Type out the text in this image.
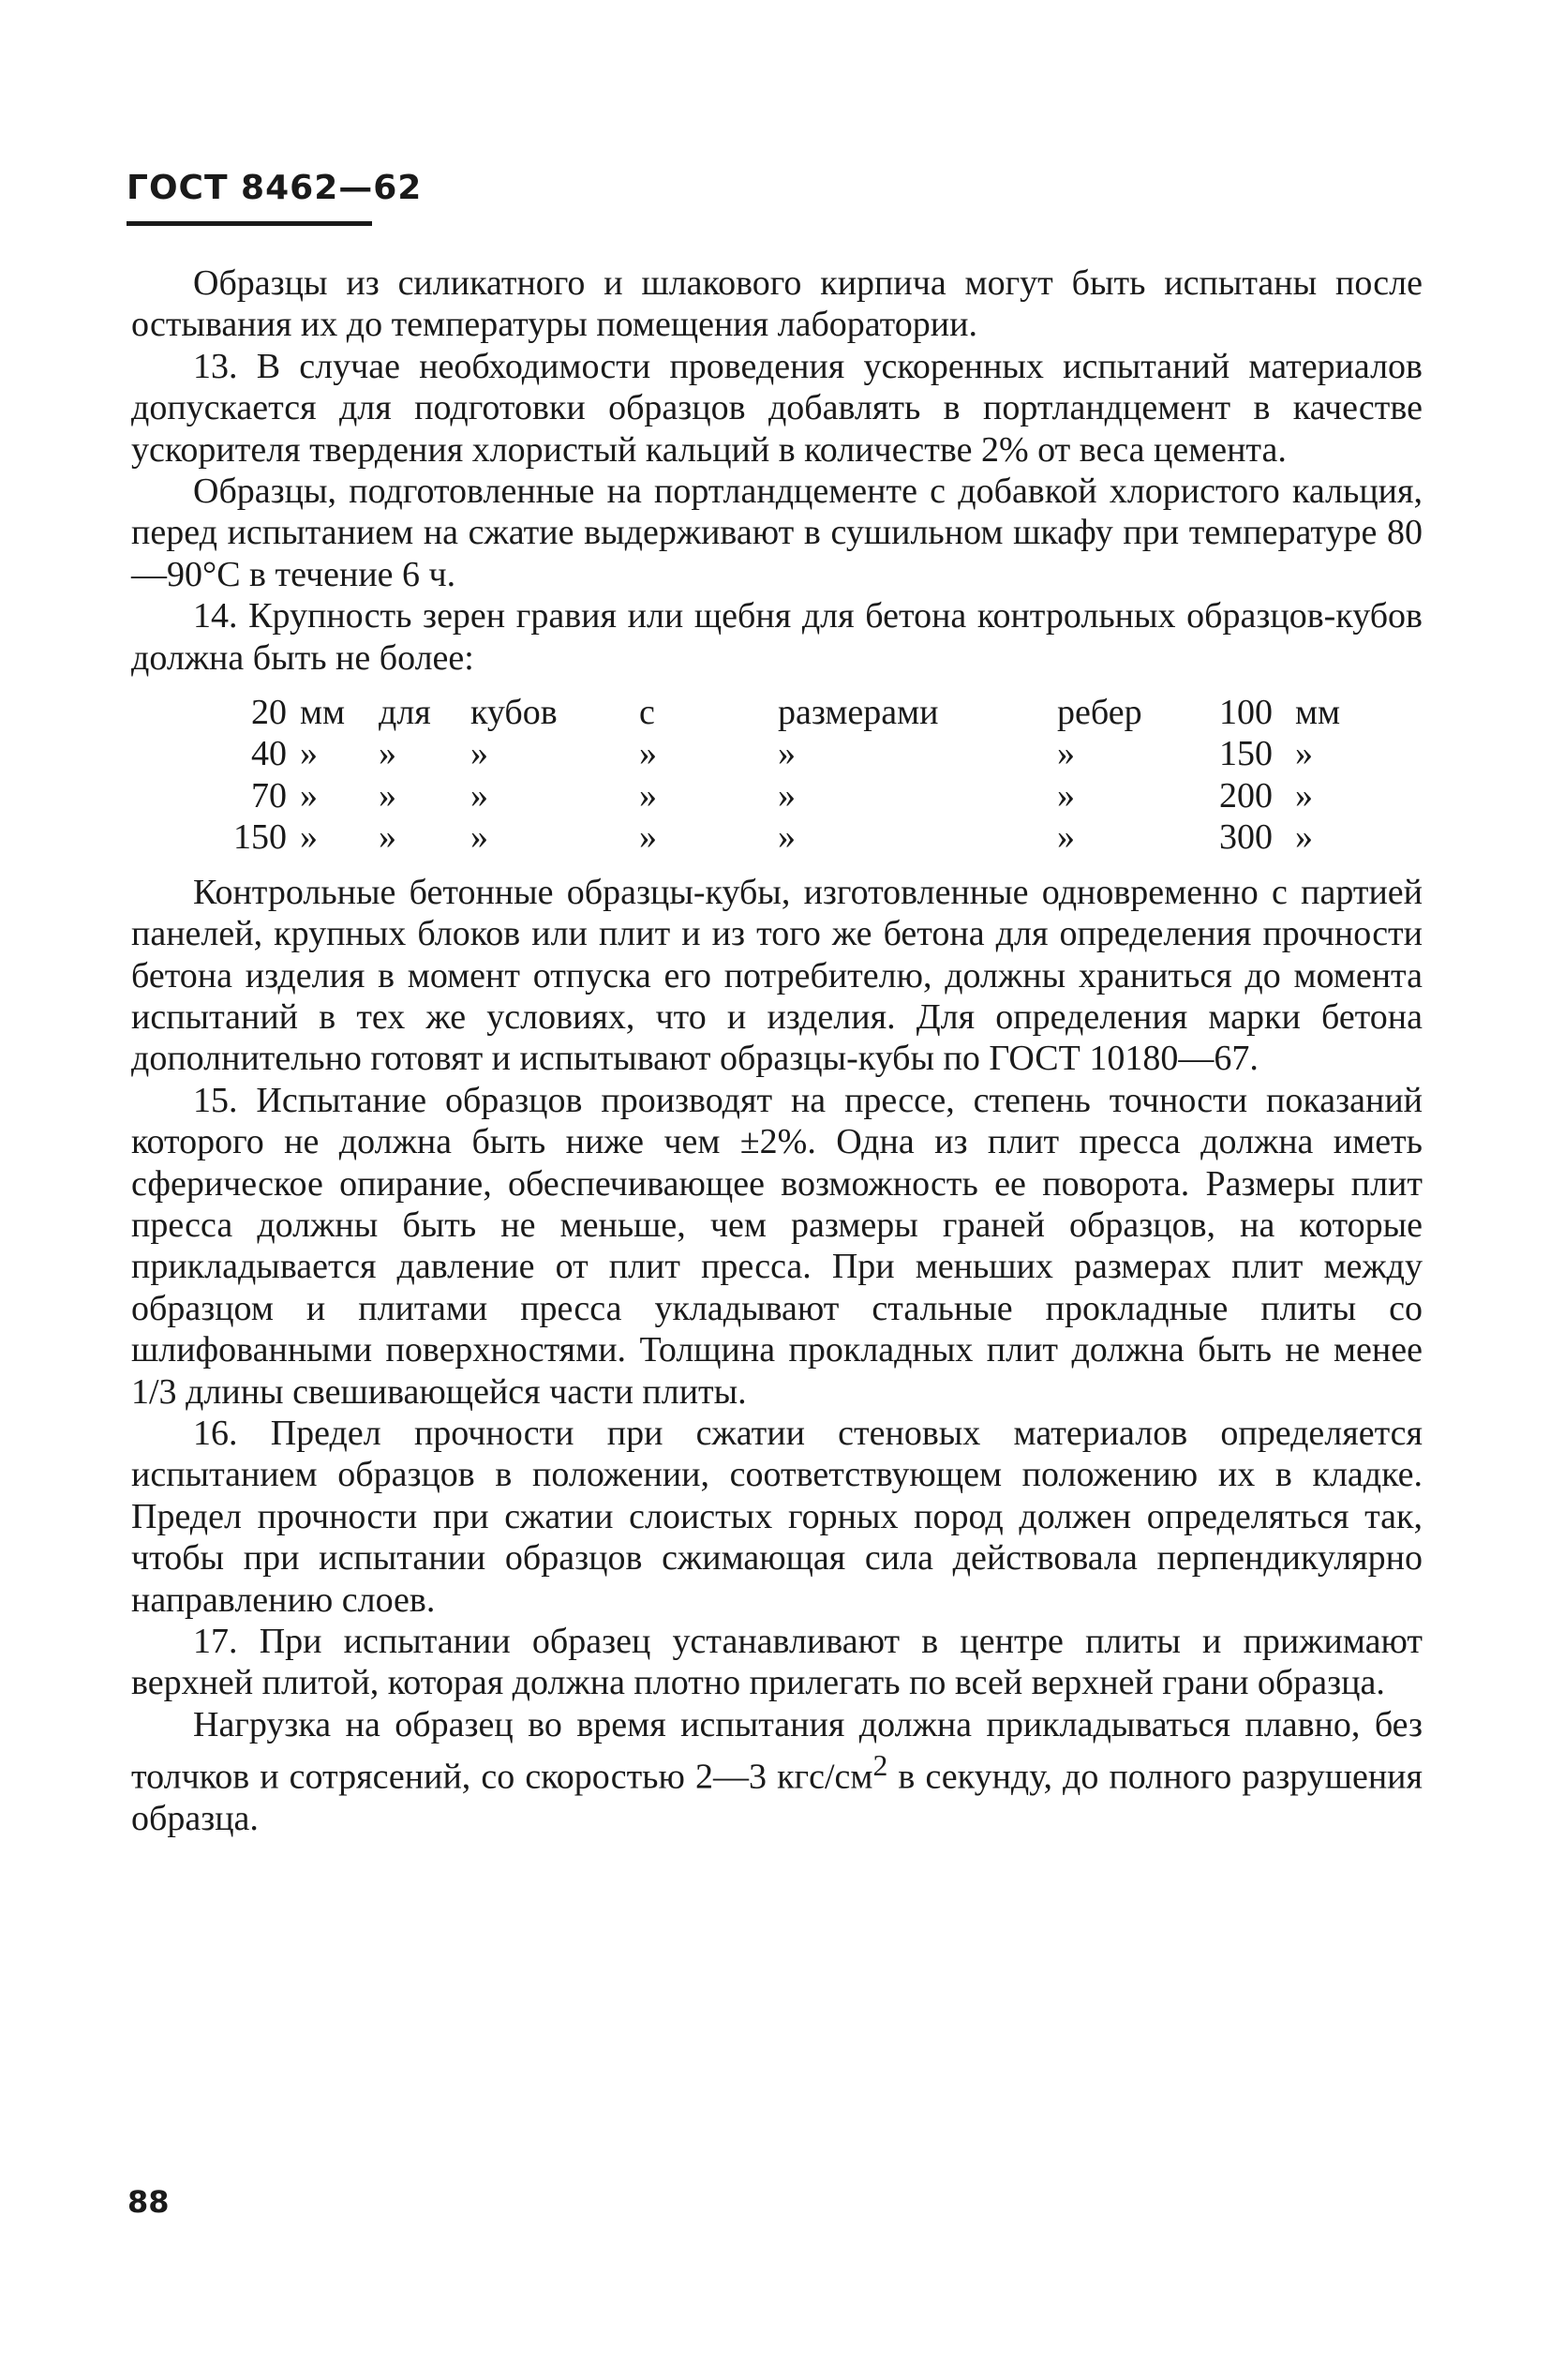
ГОСТ 8462—62

Образцы из силикатного и шлакового кирпича могут быть испытаны после остывания их до температуры помещения лаборатории.

13. В случае необходимости проведения ускоренных испытаний материалов допускается для подготовки образцов добавлять в портландцемент в качестве ускорителя твердения хлористый кальций в количестве 2% от веса цемента.

Образцы, подготовленные на портландцементе с добавкой хлористого кальция, перед испытанием на сжатие выдерживают в сушильном шкафу при температуре 80—90°С в течение 6 ч.

14. Крупность зерен гравия или щебня для бетона контрольных образцов-кубов должна быть не более:

20	мм	для	кубов	с	размерами	ребер	100	мм
40	»	»	»	»	»	»	150	»
70	»	»	»	»	»	»	200	»
150	»	»	»	»	»	»	300	»

Контрольные бетонные образцы-кубы, изготовленные одновременно с партией панелей, крупных блоков или плит и из того же бетона для определения прочности бетона изделия в момент отпуска его потребителю, должны храниться до момента испытаний в тех же условиях, что и изделия. Для определения марки бетона дополнительно готовят и испытывают образцы-кубы по ГОСТ 10180—67.

15. Испытание образцов производят на прессе, степень точности показаний которого не должна быть ниже чем ±2%. Одна из плит пресса должна иметь сферическое опирание, обеспечивающее возможность ее поворота. Размеры плит пресса должны быть не меньше, чем размеры граней образцов, на которые прикладывается давление от плит пресса. При меньших размерах плит между образцом и плитами пресса укладывают стальные прокладные плиты со шлифованными поверхностями. Толщина прокладных плит должна быть не менее 1/3 длины свешивающейся части плиты.

16. Предел прочности при сжатии стеновых материалов определяется испытанием образцов в положении, соответствующем положению их в кладке. Предел прочности при сжатии слоистых горных пород должен определяться так, чтобы при испытании образцов сжимающая сила действовала перпендикулярно направлению слоев.

17. При испытании образец устанавливают в центре плиты и прижимают верхней плитой, которая должна плотно прилегать по всей верхней грани образца.

Нагрузка на образец во время испытания должна прикладываться плавно, без толчков и сотрясений, со скоростью 2—3 кгс/$см^2$ в секунду, до полного разрушения образца.

88
